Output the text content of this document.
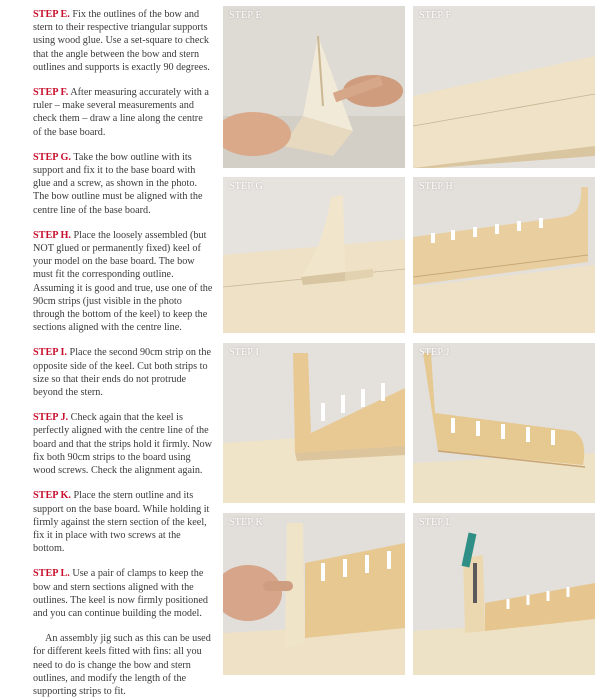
STEP E. Fix the outlines of the bow and stern to their respective triangular supports using wood glue. Use a set-square to check that the angle between the bow and stern outlines and supports is exactly 90 degrees.

STEP F. After measuring accurately with a ruler – make several measurements and check them – draw a line along the centre of the base board.

STEP G. Take the bow outline with its support and fix it to the base board with glue and a screw, as shown in the photo. The bow outline must be aligned with the centre line of the base board.

STEP H. Place the loosely assembled (but NOT glued or permanently fixed) keel of your model on the base board. The bow must fit the corresponding outline. Assuming it is good and true, use one of the 90cm strips (just visible in the photo through the bottom of the keel) to keep the sections aligned with the centre line.

STEP I. Place the second 90cm strip on the opposite side of the keel. Cut both strips to size so that their ends do not protrude beyond the stern.

STEP J. Check again that the keel is perfectly aligned with the centre line of the board and that the strips hold it firmly. Now fix both 90cm strips to the board using wood screws. Check the alignment again.

STEP K. Place the stern outline and its support on the base board. While holding it firmly against the stern section of the keel, fix it in place with two screws at the bottom.

STEP L. Use a pair of clamps to keep the bow and stern sections aligned with the outlines. The keel is now firmly positioned and you can continue building the model.

An assembly jig such as this can be used for different keels fitted with fins: all you need to do is change the bow and stern outlines, and modify the length of the supporting strips to fit.

STEP E	STEP F
STEP G	STEP H
STEP I	STEP J
STEP K	STEP L
